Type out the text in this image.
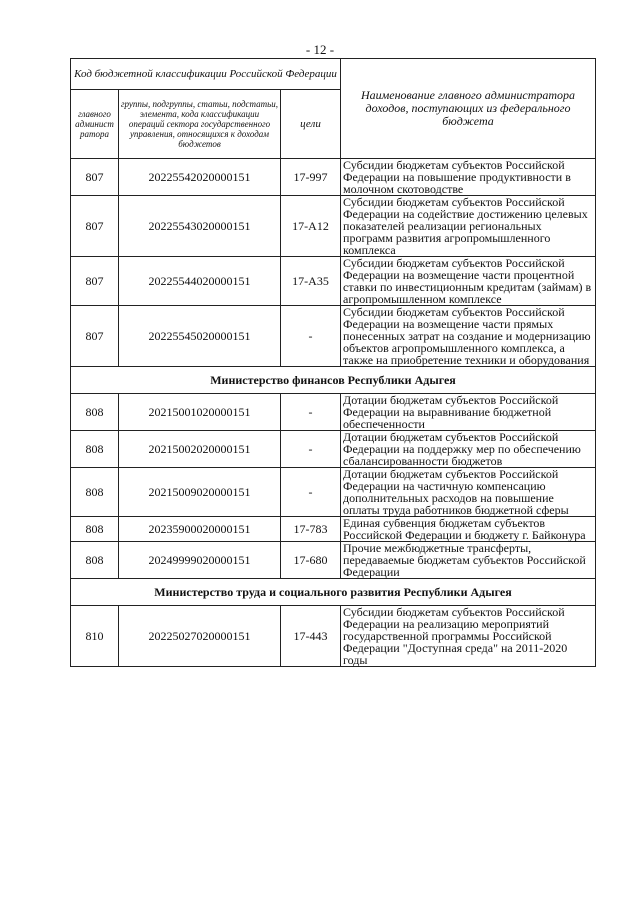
- 12 -
Код бюджетной классификации Российской Федерации			Наименование главного администратора доходов, поступающих из федерального бюджета
главного админист ратора	группы, подгруппы, статьи, подстатьи, элемента, кода классификации операций сектора государственного управления, относящихся к доходам бюджетов	цели	
807	20225542020000151	17-997	Субсидии бюджетам субъектов Российской Федерации на повышение продуктивности в молочном скотоводстве
807	20225543020000151	17-A12	Субсидии бюджетам субъектов Российской Федерации на содействие достижению целевых показателей реализации региональных программ развития агропромышленного комплекса
807	20225544020000151	17-A35	Субсидии бюджетам субъектов Российской Федерации на возмещение части процентной ставки по инвестиционным кредитам (займам) в агропромышленном комплексе
807	20225545020000151	-	Субсидии бюджетам субъектов Российской Федерации на возмещение части прямых понесенных затрат на создание и модернизацию объектов агропромышленного комплекса, а также на приобретение техники и оборудования
Министерство финансов Республики Адыгея			
808	20215001020000151	-	Дотации бюджетам субъектов Российской Федерации на выравнивание бюджетной обеспеченности
808	20215002020000151	-	Дотации бюджетам субъектов Российской Федерации на поддержку мер по обеспечению сбалансированности бюджетов
808	20215009020000151	-	Дотации бюджетам субъектов Российской Федерации на частичную компенсацию дополнительных расходов на повышение оплаты труда работников бюджетной сферы
808	20235900020000151	17-783	Единая субвенция бюджетам субъектов Российской Федерации и бюджету г. Байконура
808	20249999020000151	17-680	Прочие межбюджетные трансферты, передаваемые бюджетам субъектов Российской Федерации
Министерство труда и социального развития Республики Адыгея			
810	20225027020000151	17-443	Субсидии бюджетам субъектов Российской Федерации на реализацию мероприятий государственной программы Российской Федерации "Доступная среда" на 2011-2020 годы
